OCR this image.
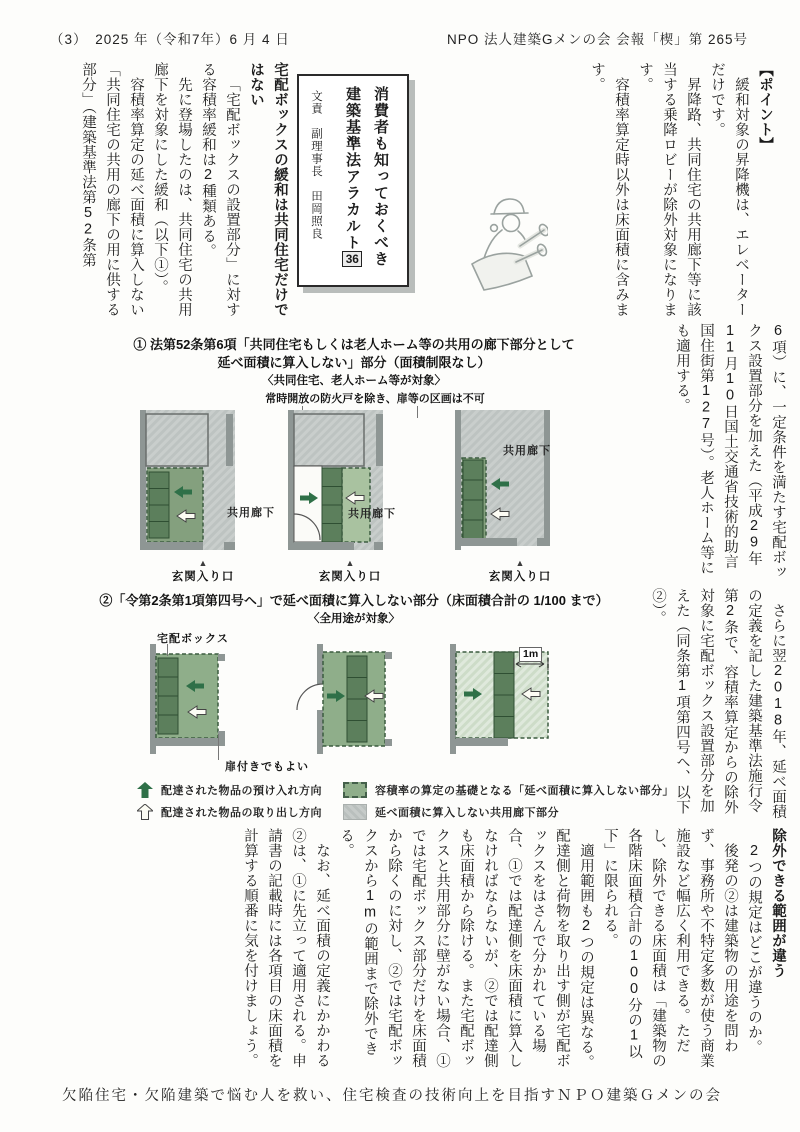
（3）　2025 年（令和7年）6 月 4 日	NPO 法人建築Gメンの会 会報「楔」第 265号
宅配ボックスの緩和は共同住宅だけではない

「宅配ボックスの設置部分」に対する容積率緩和は2種類ある。

先に登場したのは、共同住宅の共用廊下を対象にした緩和（以下①）。

容積率算定の延べ面積に算入しない「共同住宅の共用の廊下の用に供する部分」（建築基準法第52条第	消費者も知っておくべき

建築基準法アラカルト36

文責　副理事長　田岡照良	【ポイント】

緩和対象の昇降機は、エレベーターだけです。

昇降路、共同住宅の共用廊下等に該当する乗降ロビーが除外対象になります。

容積率算定時以外は床面積に含みます。

6項）に、一定条件を満たす宅配ボックス設置部分を加えた（平成29年11月10日国土交通省技術的助言国住街第127号）。老人ホーム等にも適用する。

さらに翌2018年、延べ面積の定義を記した建築基準法施行令第2条で、容積率算定からの除外対象に宅配ボックス設置部分を加えた（同条第1項第四号ヘ、以下②）。

① 法第52条第6項「共同住宅もしくは老人ホーム等の共用の廊下部分として
延べ面積に算入しない」部分（面積制限なし）
〈共同住宅、老人ホーム等が対象〉
常時開放の防火戸を除き、扉等の区画は不可
共用廊下	共用廊下
共用廊下
▲
玄関入り口
▲
玄関入り口
▲
玄関入り口
②「令第2条第1項第四号ヘ」で延べ面積に算入しない部分（床面積合計の 1/100 まで）
〈全用途が対象〉
宅配ボックス
扉付きでもよい
1m
配達された物品の預け入れ方向
配達された物品の取り出し方向
容積率の算定の基礎となる「延べ面積に算入しない部分」
延べ面積に算入しない共用廊下部分
除外できる範囲が違う

2つの規定はどこが違うのか。

後発の②は建築物の用途を問わず、事務所や不特定多数が使う商業施設など幅広く利用できる。ただし、除外できる床面積は「建築物の各階床面積合計の100分の1以下」に限られる。

適用範囲も2つの規定は異なる。配達側と荷物を取り出す側が宅配ボックスをはさんで分かれている場合、①では配達側を床面積に算入しなければならないが、②では配達側も床面積から除ける。また宅配ボックスと共用部分に壁がない場合、①では宅配ボックス部分だけを床面積から除くのに対し、②では宅配ボックスから1mの範囲まで除外できる。

なお、延べ面積の定義にかかわる②は、①に先立って適用される。申請書の記載時には各項目の床面積を計算する順番に気を付けましょう。

欠陥住宅・欠陥建築で悩む人を救い、住宅検査の技術向上を目指すＮＰＯ建築Ｇメンの会
